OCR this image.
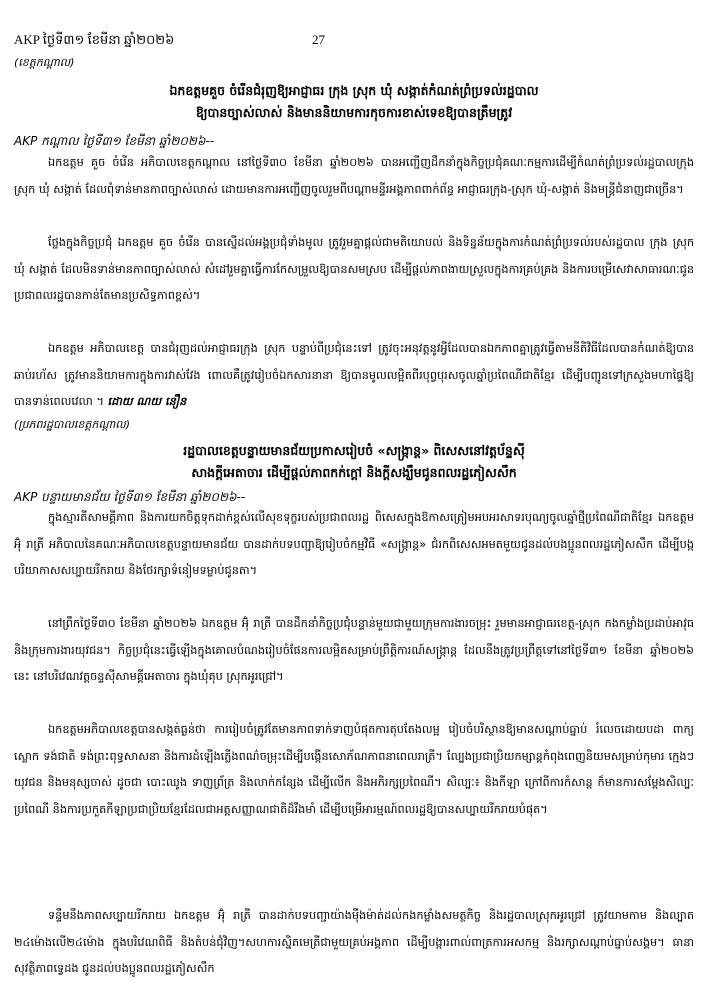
AKP ថ្ងៃទី៣១ ខែមីនា ឆ្នាំ២០២៦	27
(ខេត្តកណ្ដាល)
ឯកឧត្តមគួច ចំរើនជំរុញឱ្យអាជ្ញាធរ ក្រុង ស្រុក ឃុំ សង្កាត់កំណត់ព្រំប្រទល់រដ្ឋបាល
ឱ្យបានច្បាស់លាស់ និងមាននិយាមការកុចការខាស់ទេខឱ្យបានត្រឹមត្រូវ
AKP កណ្ដាល ថ្ងៃទី៣១ ខែមីនា ឆ្នាំ២០២៦--

ឯកឧត្តម គួច ចំរើន អភិបាលខេត្តកណ្ដាល នៅថ្ងៃទី៣០ ខែមីនា ឆ្នាំ២០២៦ បានអញ្ជើញដឹកនាំក្នុងកិច្ចប្រជុំគណៈកម្មការដើម្បីកំណត់ព្រំប្រទល់រដ្ឋបាលក្រុង ស្រុក ឃុំ សង្កាត់ ដែលពុំទាន់មានភាពច្បាស់លាស់ ដោយមានការអញ្ជើញចូលរួមពីបណ្ដាមន្ទីរអង្គភាពពាក់ព័ន្ធ អាជ្ញាធរក្រុង-ស្រុក ឃុំ-សង្កាត់ និងមន្ត្រីជំនាញជាច្រើន។

ថ្លែងក្នុងកិច្ចប្រជុំ ឯកឧត្តម គួច ចំរើន បានស្នើដល់អង្គប្រជុំទាំងមូល ត្រូវរួមគ្នាផ្ដល់ជាមតិយោបល់ និងទិន្នន័យក្នុងការកំណត់ព្រំប្រទល់របស់រដ្ឋបាល ក្រុង ស្រុក ឃុំ សង្កាត់ ដែលមិនទាន់មានភាពច្បាស់លាស់ សំដៅរួមគ្នាធ្វើការកែសម្រួលឱ្យបានសមស្រប ដើម្បីផ្ដល់ភាពងាយស្រួលក្នុងការគ្រប់គ្រង និងការបម្រើសេវាសាធារណៈជូនប្រជាពលរដ្ឋបានកាន់តែមានប្រសិទ្ធភាពខ្ពស់។

ឯកឧត្តម អភិបាលខេត្ត បានជំរុញដល់អាជ្ញាធរក្រុង ស្រុក បន្ទាប់ពីប្រជុំនេះទៅ ត្រូវចុះអនុវត្តនូវអ្វីដែលបានឯកភាពគ្នាត្រូវធ្វើតាមនីតិវិធីដែលបានកំណត់ឱ្យបានឆាប់រហ័ស ត្រូវមាននិយាមការក្នុងការវាស់វែង ពោលគឺត្រូវរៀបចំឯកសារនានា ឱ្យបានមូលលម្អិតពីរបុព្វបុរសចូលឆ្នាំប្រពៃណីជាតិខ្មែរ ដើម្បីបញ្ជូនទៅក្រសួងមហាផ្ទៃឱ្យបានទាន់ពេលវេលា ។ ដោយ ណយ នឿន

(ប្រភពរដ្ឋបាលខេត្តកណ្ដាល)
រដ្ឋបាលខេត្តបន្ទាយមានជ័យប្រកាសរៀបចំ «សង្ក្រាន្ត» ពិសេសនៅវត្តប័ន្ទស៊ី
សាងក្តីអេតាចារ ដើម្បីផ្ដល់ភាពកក់ក្ដៅ និងក្ដីសង្ឃឹមជូនពលរដ្ឋភៀសសឹក
AKP បន្ទាយមានជ័យ ថ្ងៃទី៣១ ខែមីនា ឆ្នាំ២០២៦--

ក្នុងស្មារតីសាមគ្គីភាព និងការយកចិត្តទុកដាក់ខ្ពស់លើសុខទុក្ខរបស់ប្រជាពលរដ្ឋ ពិសេសក្នុងឱកាសត្រៀមអបអរសាទរបុណ្យចូលឆ្នាំថ្មីប្រពៃណីជាតិខ្មែរ ឯកឧត្តម អ៊ុំ រាត្រី អភិបាលនៃគណៈអភិបាលខេត្តបន្ទាយមានជ័យ បានដាក់បទបញ្ជាឱ្យរៀបចំកម្មវិធី «សង្ក្រាន្ត» ជំរកពិសេសអមតមួយជូនដល់បងប្អូនពលរដ្ឋភៀសសឹក ដើម្បីបង្កបរិយាកាសសប្បាយរីករាយ និងថែរក្សាទំនៀមទម្លាប់ជូនតា។

នៅព្រឹកថ្ងៃទី៣០ ខែមីនា ឆ្នាំ២០២៦ ឯកឧត្តម អ៊ុំ រាត្រី បានដឹកនាំកិច្ចប្រជុំបន្ទាន់មួយជាមួយក្រុមការងារចម្រុះ រួមមានអាជ្ញាធរខេត្ត-ស្រុក កងកម្លាំងប្រដាប់អាវុធ និងក្រុមការងារយុវជន។ កិច្ចប្រជុំនេះធ្វើឡើងក្នុងគោលបំណងរៀបចំផែនការលម្អិតសម្រាប់ព្រឹត្តិការណ៍សង្ក្រាន្ត ដែលនឹងត្រូវប្រព្រឹត្តទៅនៅថ្ងៃទី៣១ ខែមីនា ឆ្នាំ២០២៦ នេះ នៅបរិវេណវត្តចន្ទស៊ីសាមគ្គីអេតាចារ ក្នុងឃុំគុប ស្រុកអូរជ្រៅ។

ឯកឧត្តមអភិបាលខេត្តបានសង្កត់ធ្ងន់ថា ការរៀបចំត្រូវតែមានភាពទាក់ទាញបំផុតការតុបតែងលម្អ រៀបចំបរិស្ថានឱ្យមានសណ្តាប់ធ្នាប់ រំលេចដោយបដា ពាក្យស្លោក ទង់ជាតិ ទង់ព្រះពុទ្ធសាសនា និងការដំឡើងភ្លើងពណ៌ចម្រុះដើម្បីបង្កើនសោភ័ណភាពនាពេលរាត្រី។ ល្បែងប្រជាប្រិយកម្សាន្តកំពុងពេញនិយមសម្រាប់កុមារ ក្មេងៗ យុវជន និងមនុស្សចាស់ ដូចជា បោះឈូង ទាញព្រ័ត្រ និងលាក់កន្សែង ដើម្បីលើក និងអភិរក្សប្រពៃណី។ សិល្បៈ៖ និងកីឡា ក្រៅពីការកំសាន្ត ក៏មានការសម្ដែងសិល្បៈប្រពៃណី និងការប្រកួតកីឡាប្រជាប្រិយខ្មែរដែលជាអត្តសញ្ញាណជាតិដ៏រឹងមាំ ដើម្បីបម្រើអារម្មណ៍ពលរដ្ឋឱ្យបានសប្បាយរីករាយបំផុត។

ទន្ទឹមនឹងភាពសប្បាយរីករាយ ឯកឧត្តម អ៊ុំ រាត្រី បានដាក់បទបញ្ជាយ៉ាងម៉ឺងម៉ាត់ដល់កងកម្លាំងសមត្ថកិច្ច និងរដ្ឋបាលស្រុកអូរជ្រៅ ត្រូវយាមកាម និងល្បាត ២៤ម៉ោងលើ២៤ម៉ោង ក្នុងបរិវេណពិធី និងតំបន់ជុំវិញ។សហការស្និតមេត្រីជាមួយគ្រប់អង្គភាព ដើម្បីបង្ការពាល់ពាត្រការអសកម្ម និងរក្សាសណ្ដាប់ធ្នាប់សង្គម។ ធានាសុវត្ថិភាពទ្វេដង ជូនដល់បងប្អូនពលរដ្ឋភៀសសឹក
